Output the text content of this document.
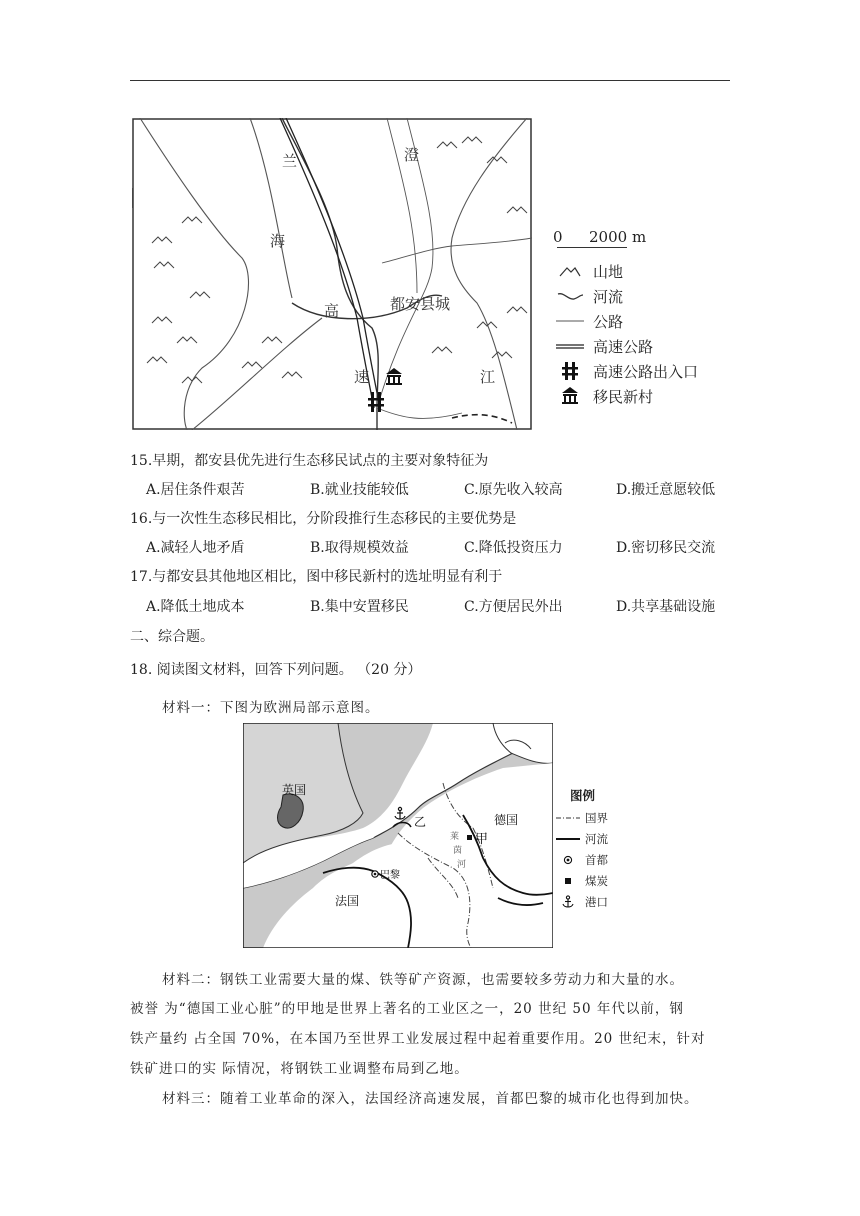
兰
海
高
速
澄
江
都安县城
0 2000 m
山地
河流
公路
高速公路
高速公路出入口
移民新村
15.早期，都安县优先进行生态移民试点的主要对象特征为
A.居住条件艰苦	B.就业技能较低	C.原先收入较高	D.搬迁意愿较低
16.与一次性生态移民相比，分阶段推行生态移民的主要优势是
A.减轻人地矛盾	B.取得规模效益	C.降低投资压力	D.密切移民交流
17.与都安县其他地区相比，图中移民新村的选址明显有利于
A.降低土地成本	B.集中安置移民	C.方便居民外出	D.共享基础设施
二、综合题。
18. 阅读图文材料，回答下列问题。 （20 分）
材料一：下图为欧洲局部示意图。
英国
德国
法国
巴黎
甲
乙
莱
茵
河
图例
国界
河流
首都
煤炭
港口
材料二：钢铁工业需要大量的煤、铁等矿产资源，也需要较多劳动力和大量的水。
被誉 为“德国工业心脏”的甲地是世界上著名的工业区之一，20 世纪 50 年代以前，钢
铁产量约 占全国 70%，在本国乃至世界工业发展过程中起着重要作用。20 世纪末，针对
铁矿进口的实 际情况，将钢铁工业调整布局到乙地。
材料三：随着工业革命的深入，法国经济高速发展，首都巴黎的城市化也得到加快。
